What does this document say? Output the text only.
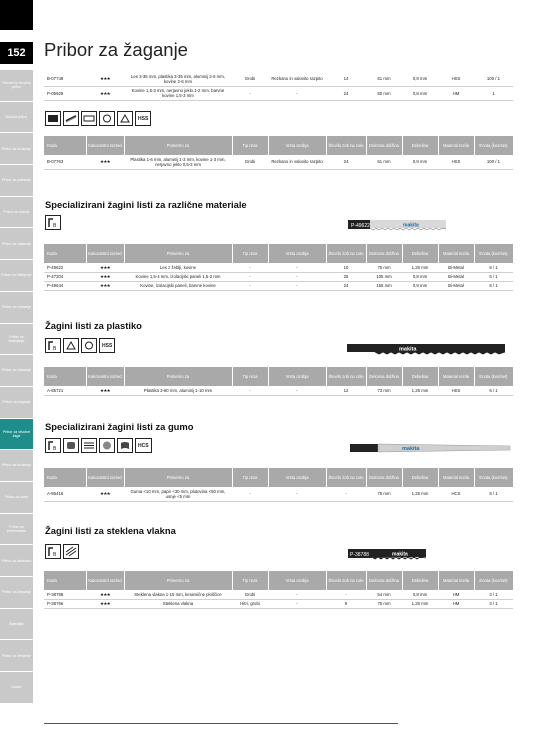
152 Pribor za žaganje
Rezalni in brusilni pribor
Brusilni pribor
Pribor za brušenje
Pribor za poliranje
Pribor za vrtanje
Pribor za vijačenje
Pribor za dolbljenje
Pribor za rezkanje
Pribor za skobljanje
Pribor za rezkanje
Pribor za žaganje
Pribor za vbodne žage
Pribor za brušenje
Pribor za oster
Pribor za pnevmatsko
Pribor za obdelavo
Pribor za klepanje
Baterijski
Pribor za merjenje
Ostalo
B-07748	★★★	Les 3-35 mm, plastika 3-35 mm, aluminij 2-6 mm, kovine 2-6 mm	Grobi	Rezkano in valovito razpito	14	51 mm	0,9 mm	HSS	100 / 1
P-05929	★★★	Kovine 1,5-3 mm, nerjavno jeklo 1-2 mm, barvne kovine 1,5-3 mm	-	-	24	50 mm	0,8 mm	HM	1
HSS
Koda	Kakovostni razred	Primerno za	Tip reza	Vrsta ozobja	Število zob na cole	Delovna dolžina	Debelina	Material rezila	Enota (kos/set)
B-07763	★★★	Plastika 1-6 mm, aluminij 1-3 mm, kovine 1-3 mm, nerjavno jeklo 0,5-3 mm	Grobi	Rezkano in valovito razpito	24	51 mm	0,9 mm	HSS	100 / 1
Specializirani žagini listi za različne materiale
B	P-49622	makita
Koda	Kakovostni razred	Primerno za	Tip reza	Vrsta ozobja	Število zob na cole	Delovna dolžina	Debelina	Material rezila	Enota (kos/set)
P-49622	★★★	Les z žeblji, kovine	-	-	10	75 mm	1,25 mm	Bi-Metal	5 / 1
P-47204	★★★	Kovine 1,5-4 mm, izolacijski paneli 1,5-2 mm	-	-	25	105 mm	0,8 mm	Bi-Metal	5 / 1
P-49644	★★★	Kovine, izolacijski paneli, barvne kovine	-	-	24	155 mm	0,9 mm	Bi-Metal	5 / 1
Žagini listi za plastiko
B
HSS
makita
Koda	Kakovostni razred	Primerno za	Tip reza	Vrsta ozobja	Število zob na cole	Delovna dolžina	Debelina	Material rezila	Enota (kos/set)
A-85721	★★★	Plastika 3-60 mm, aluminij 1-10 mm	-	-	12	73 mm	1,25 mm	HSS	5 / 1
Specializirani žagini listi za gumo
B
HCS
makita
Koda	Kakovostni razred	Primerno za	Tip reza	Vrsta ozobja	Število zob na cole	Delovna dolžina	Debelina	Material rezila	Enota (kos/set)
A-86416	★★★	Guma <10 mm, papir <30 mm, plutovina <50 mm, usnje <5 mm	-	-	-	75 mm	1,25 mm	HCS	5 / 1
Žagini listi za steklena vlakna
B	P-38788	makita
Koda	Kakovostni razred	Primerno za	Tip reza	Vrsta ozobja	Število zob na cole	Delovna dolžina	Debelina	Material rezila	Enota (kos/set)
P-38788	★★★	Steklena vlakna 1-15 mm, keramične ploščice	Grobi	-	-	54 mm	0,8 mm	HM	3 / 1
P-38766	★★★	Steklena vlakna	Hitri, grobi	-	9	75 mm	1,25 mm	HM	3 / 1
